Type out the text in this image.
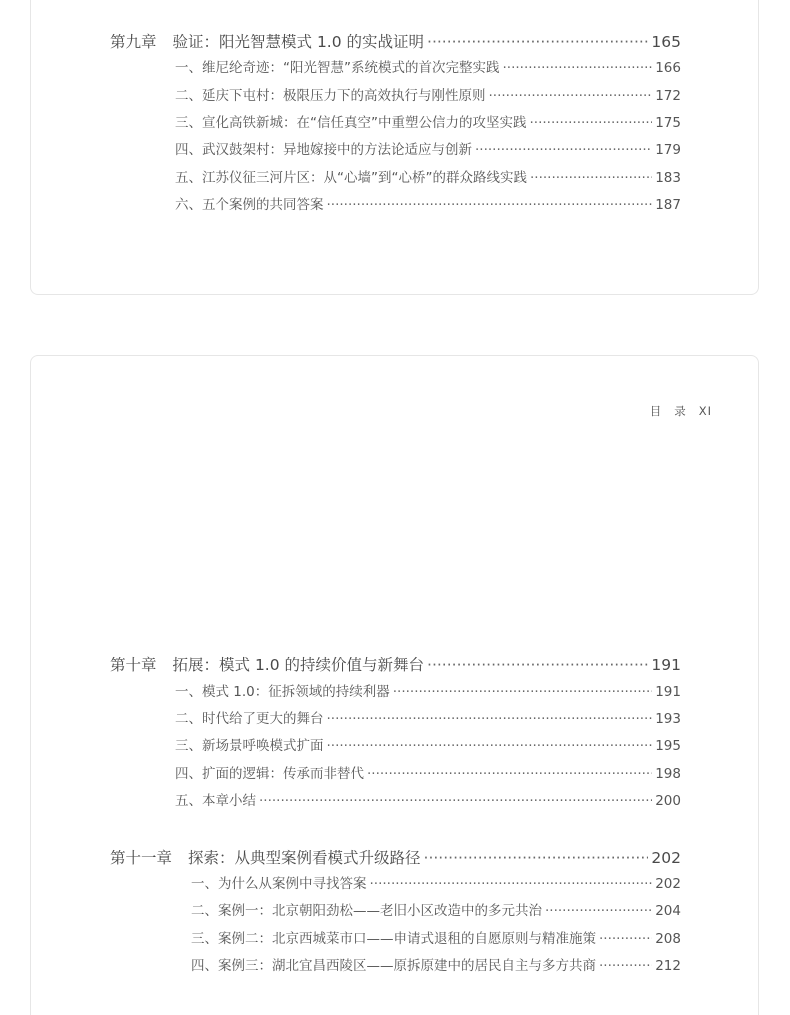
第九章 验证：阳光智慧模式 1.0 的实战证明 ·····	165
一、维尼纶奇迹：“阳光智慧”系统模式的首次完整实践 ·····	166
二、延庆下屯村：极限压力下的高效执行与刚性原则 ·····	172
三、宣化高铁新城：在“信任真空”中重塑公信力的攻坚实践 ·····	175
四、武汉鼓架村：异地嫁接中的方法论适应与创新 ·····	179
五、江苏仪征三河片区：从“心墙”到“心桥”的群众路线实践 ·····	183
六、五个案例的共同答案 ·····	187
目 录 XI
第十章 拓展：模式 1.0 的持续价值与新舞台 ·····	191
一、模式 1.0：征拆领域的持续利器 ·····	191
二、时代给了更大的舞台 ·····	193
三、新场景呼唤模式扩面 ·····	195
四、扩面的逻辑：传承而非替代 ·····	198
五、本章小结 ·····	200
第十一章 探索：从典型案例看模式升级路径 ·····	202
一、为什么从案例中寻找答案 ·····	202
二、案例一：北京朝阳劲松——老旧小区改造中的多元共治 ·····	204
三、案例二：北京西城菜市口——申请式退租的自愿原则与精准施策 ·····	208
四、案例三：湖北宜昌西陵区——原拆原建中的居民自主与多方共商 ·····	212
